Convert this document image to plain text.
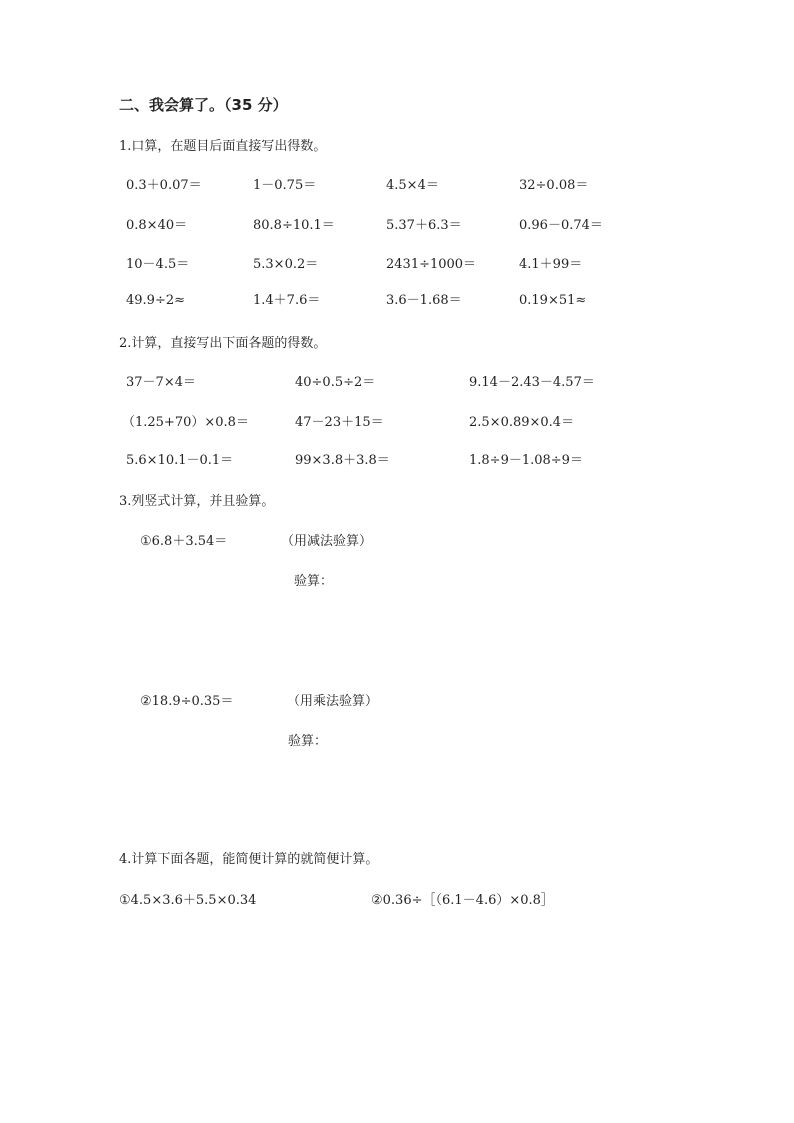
二、我会算了。（35 分）
1.口算，在题目后面直接写出得数。
0.3＋0.07＝	1－0.75＝	4.5×4＝	32÷0.08＝
0.8×40＝	80.8÷10.1＝	5.37＋6.3＝	0.96－0.74＝
10－4.5＝	5.3×0.2＝	2431÷1000＝	4.1＋99＝
49.9÷2≈	1.4＋7.6＝	3.6－1.68＝	0.19×51≈
2.计算，直接写出下面各题的得数。
37－7×4＝	40÷0.5÷2＝	9.14－2.43－4.57＝
（1.25+70）×0.8＝	47－23＋15＝	2.5×0.89×0.4＝
5.6×10.1－0.1＝	99×3.8＋3.8＝	1.8÷9－1.08÷9＝
3.列竖式计算，并且验算。
①6.8＋3.54＝	（用减法验算）
验算：
②18.9÷0.35＝	（用乘法验算）
验算：
4.计算下面各题，能简便计算的就简便计算。
①4.5×3.6＋5.5×0.34	②0.36÷［（6.1－4.6）×0.8］
